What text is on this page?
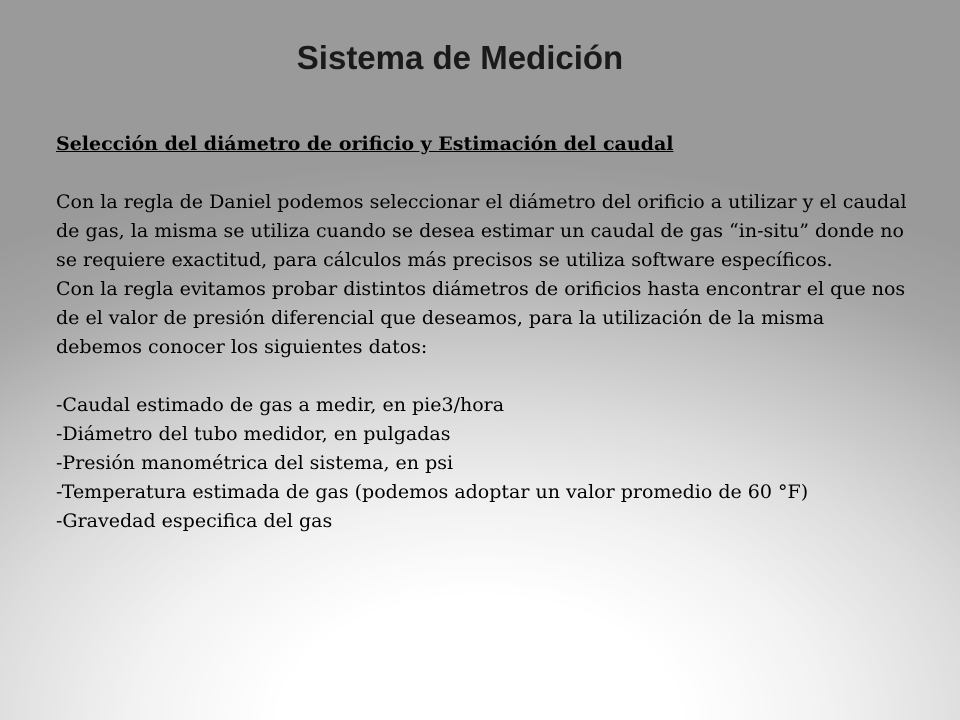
Sistema de Medición

Selección del diámetro de orificio y Estimación del caudal

Con la regla de Daniel podemos seleccionar el diámetro del orificio a utilizar y el caudal de gas, la misma se utiliza cuando se desea estimar un caudal de gas “in-situ” donde no se requiere exactitud, para cálculos más precisos se utiliza software específicos.

Con la regla evitamos probar distintos diámetros de orificios hasta encontrar el que nos de el valor de presión diferencial que deseamos, para la utilización de la misma debemos conocer los siguientes datos:

-Caudal estimado de gas a medir, en pie3/hora
-Diámetro del tubo medidor, en pulgadas
-Presión manométrica del sistema, en psi
-Temperatura estimada de gas (podemos adoptar un valor promedio de 60 °F)
-Gravedad especifica del gas
